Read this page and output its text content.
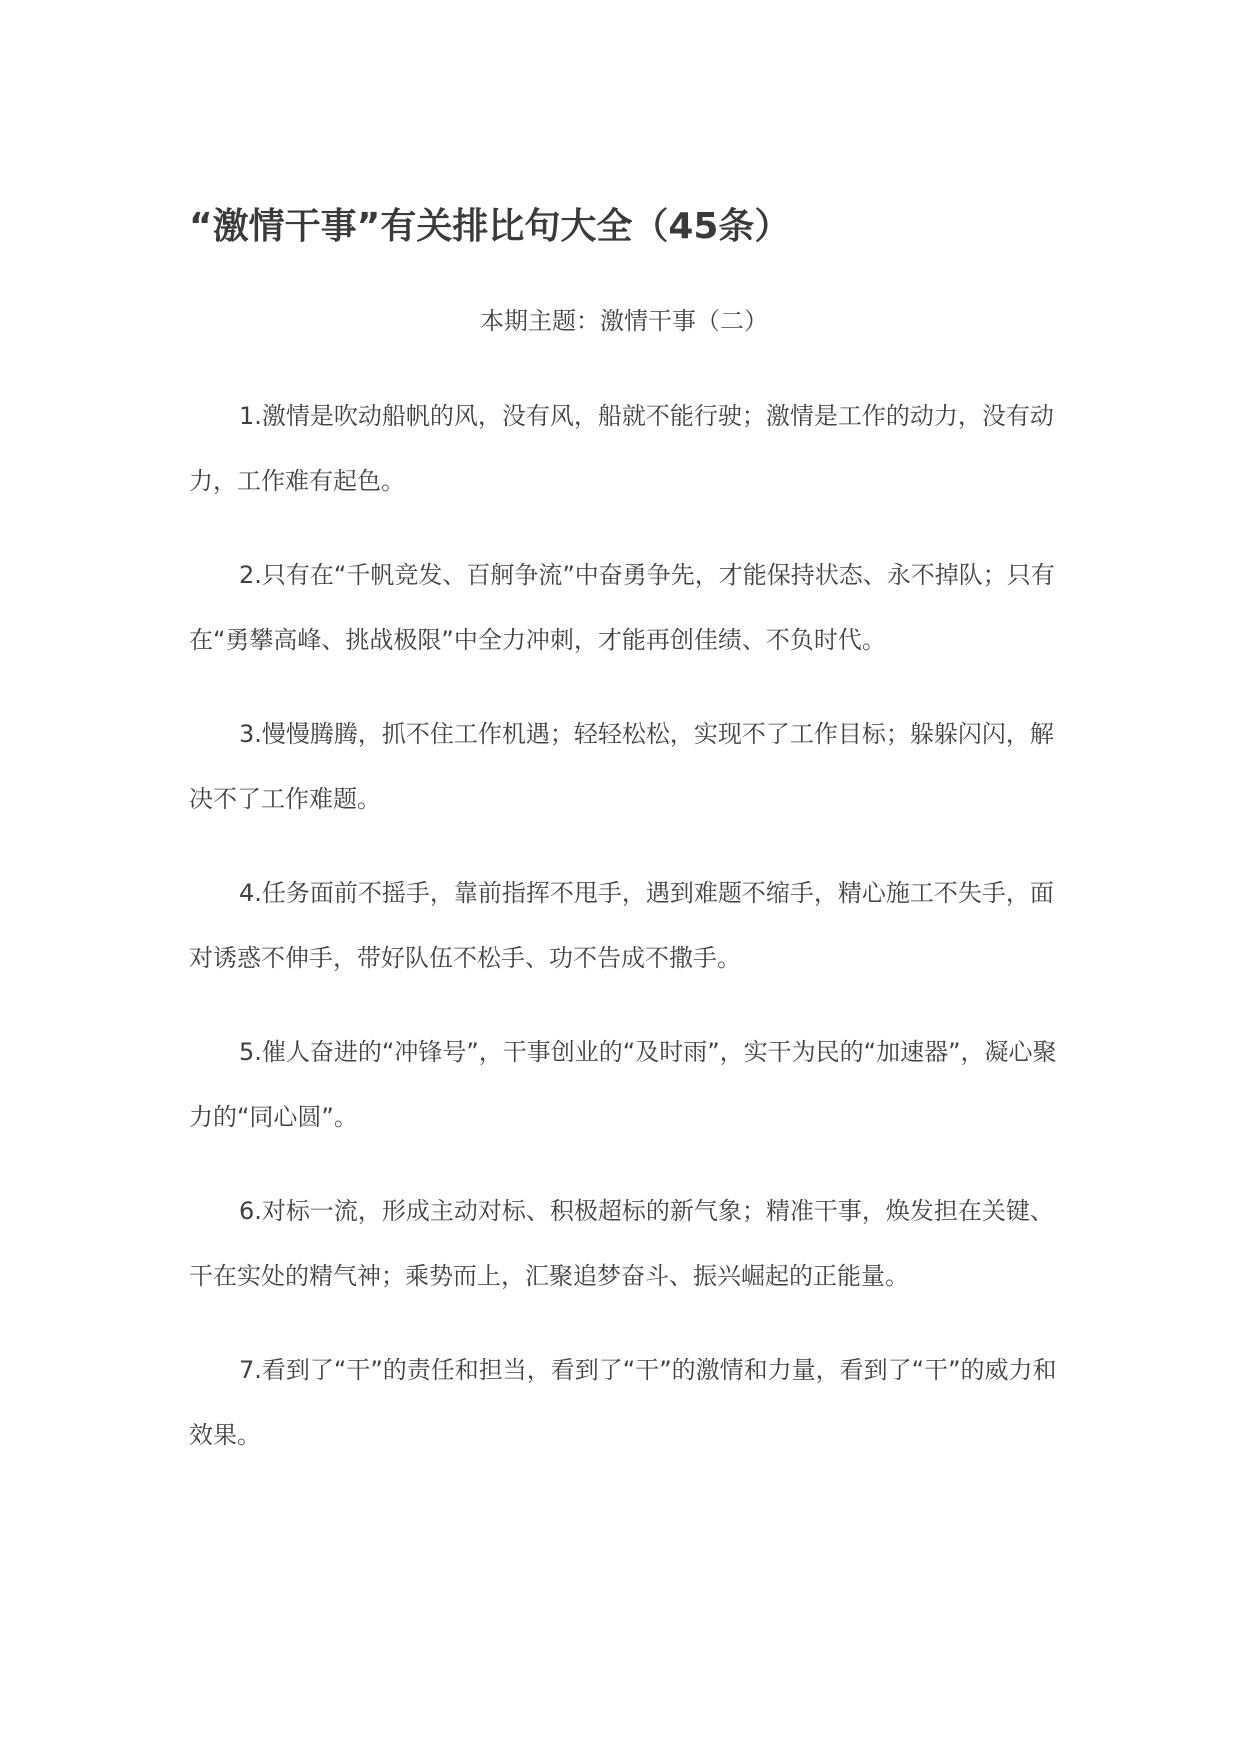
“激情干事”有关排比句大全（45条）
本期主题：激情干事（二）

1.激情是吹动船帆的风，没有风，船就不能行驶；激情是工作的动力，没有动力，工作难有起色。

2.只有在“千帆竞发、百舸争流”中奋勇争先，才能保持状态、永不掉队；只有在“勇攀高峰、挑战极限”中全力冲刺，才能再创佳绩、不负时代。

3.慢慢腾腾，抓不住工作机遇；轻轻松松，实现不了工作目标；躲躲闪闪，解决不了工作难题。

4.任务面前不摇手，靠前指挥不甩手，遇到难题不缩手，精心施工不失手，面对诱惑不伸手，带好队伍不松手、功不告成不撒手。

5.催人奋进的“冲锋号”，干事创业的“及时雨”，实干为民的“加速器”，凝心聚力的“同心圆”。

6.对标一流，形成主动对标、积极超标的新气象；精准干事，焕发担在关键、干在实处的精气神；乘势而上，汇聚追梦奋斗、振兴崛起的正能量。

7.看到了“干”的责任和担当，看到了“干”的激情和力量，看到了“干”的威力和效果。
